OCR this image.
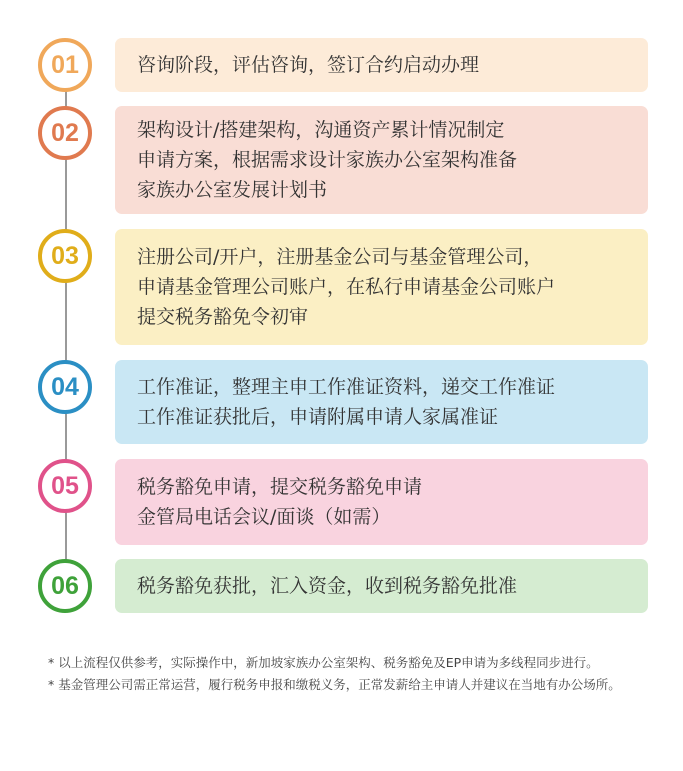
01	咨询阶段，评估咨询，签订合约启动办理
02	架构设计/搭建架构，沟通资产累计情况制定
申请方案，根据需求设计家族办公室架构准备
家族办公室发展计划书
03	注册公司/开户，注册基金公司与基金管理公司，
申请基金管理公司账户，在私行申请基金公司账户
提交税务豁免令初审
04	工作准证，整理主申工作准证资料，递交工作准证
工作准证获批后，申请附属申请人家属准证
05	税务豁免申请，提交税务豁免申请
金管局电话会议/面谈（如需）
06	税务豁免获批，汇入资金，收到税务豁免批准

* 以上流程仅供参考，实际操作中，新加坡家族办公室架构、税务豁免及EP申请为多线程同步进行。

* 基金管理公司需正常运营，履行税务申报和缴税义务，正常发薪给主申请人并建议在当地有办公场所。
